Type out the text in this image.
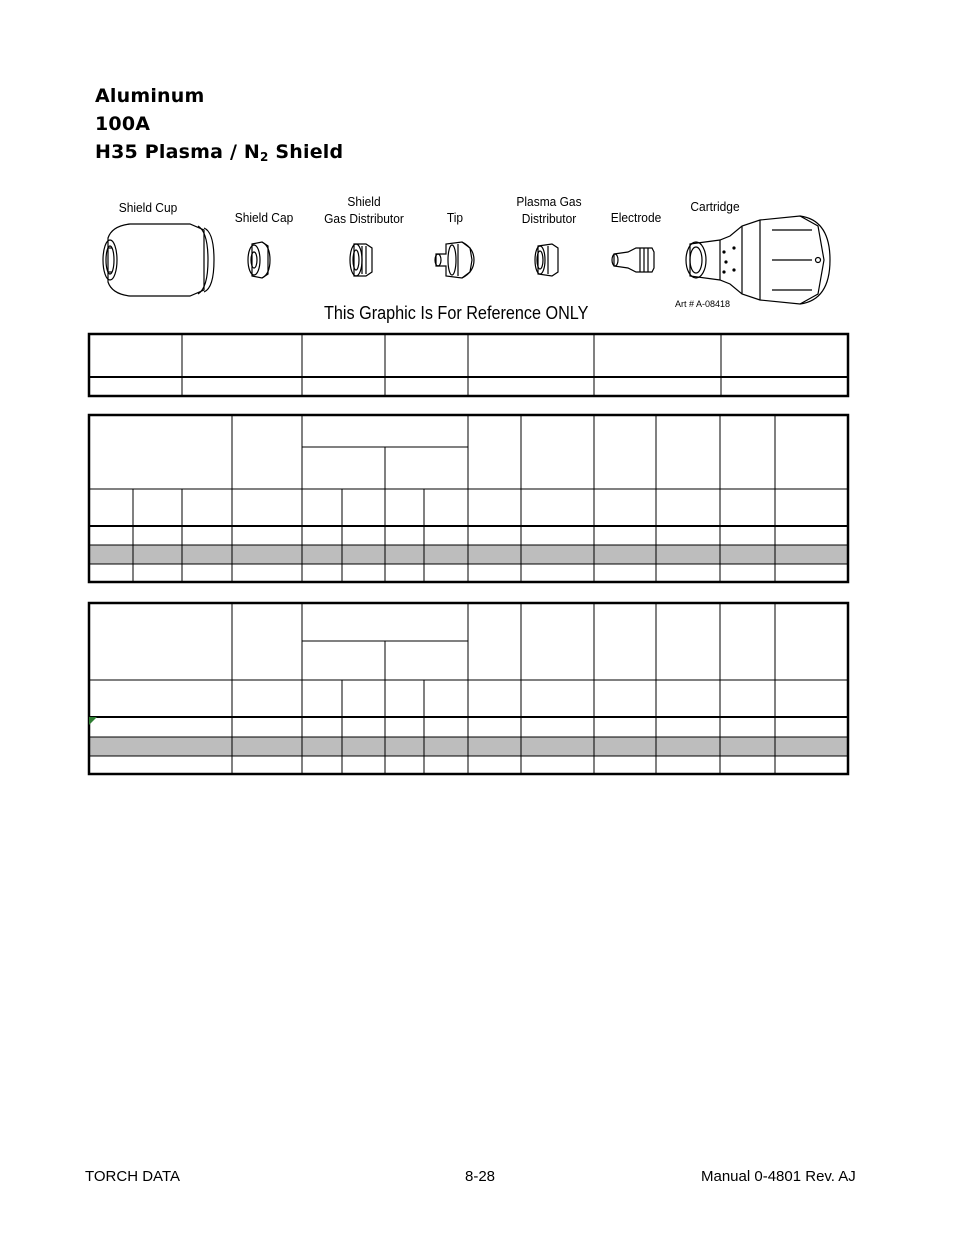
Aluminum
100A
H35 Plasma / $N_2$ Shield
Shield Cup
Shield Cap
Shield
Gas Distributor	Tip
Plasma Gas
Distributor	Electrode
Cartridge
Art # A-08418
This Graphic Is For Reference ONLY
TORCH DATA	8-28	Manual 0-4801 Rev. AJ
